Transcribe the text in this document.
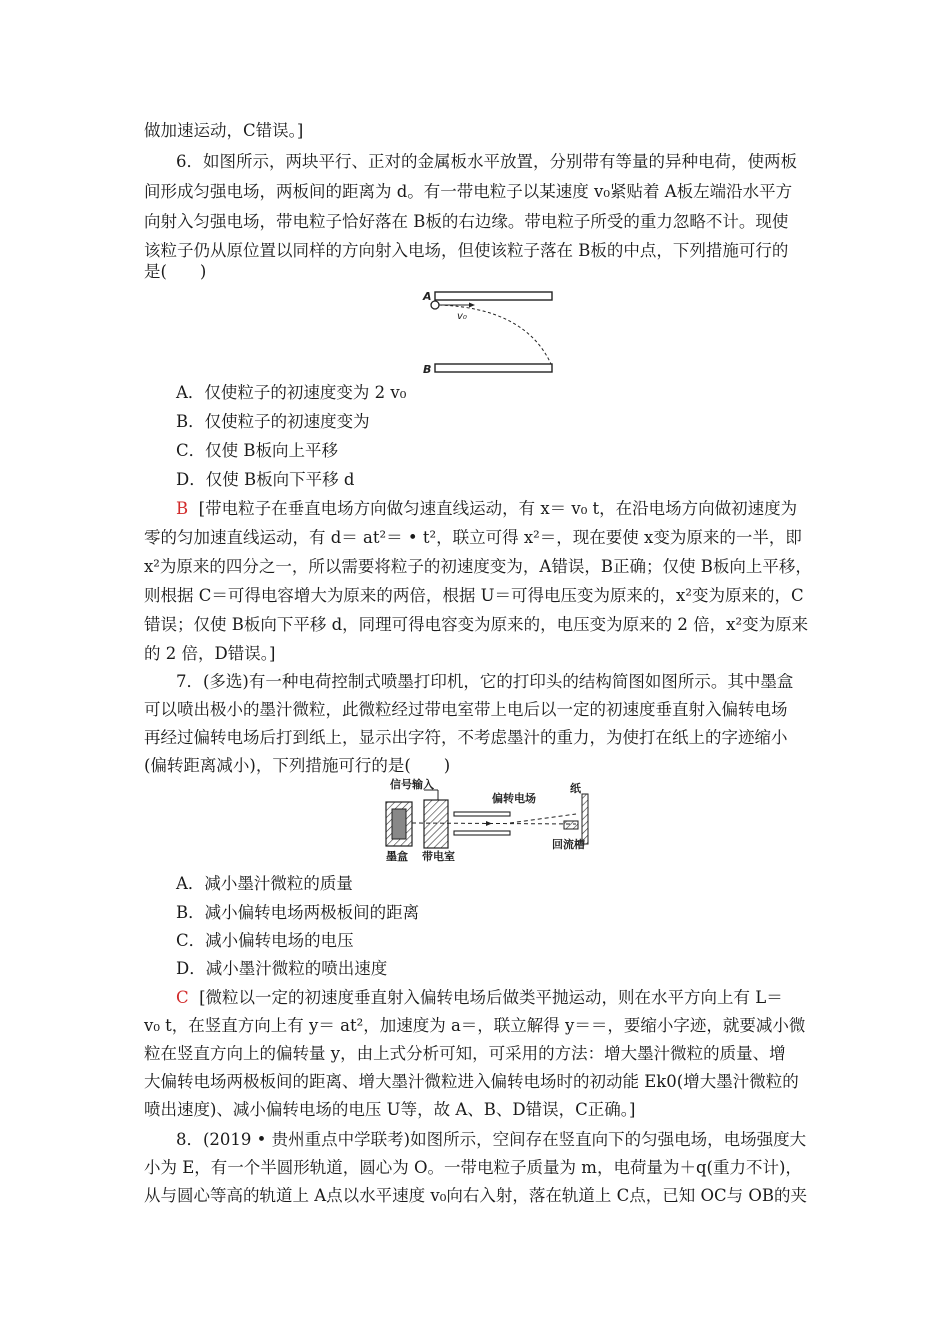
做加速运动，C错误。]
6．如图所示，两块平行、正对的金属板水平放置，分别带有等量的异种电荷，使两板
间形成匀强电场，两板间的距离为 d。有一带电粒子以某速度 v₀紧贴着 A板左端沿水平方
向射入匀强电场，带电粒子恰好落在 B板的右边缘。带电粒子所受的重力忽略不计。现使
该粒子仍从原位置以同样的方向射入电场，但使该粒子落在 B板的中点，下列措施可行的
是(　　)
A
v₀
B
A．仅使粒子的初速度变为 2 v₀
B．仅使粒子的初速度变为
C．仅使 B板向上平移
D．仅使 B板向下平移 d
B [带电粒子在垂直电场方向做匀速直线运动，有 x＝ v₀ t，在沿电场方向做初速度为
零的匀加速直线运动，有 d＝ at²＝ • t²，联立可得 x²＝，现在要使 x变为原来的一半，即
x²为原来的四分之一，所以需要将粒子的初速度变为，A错误，B正确；仅使 B板向上平移，
则根据 C＝可得电容增大为原来的两倍，根据 U＝可得电压变为原来的，x²变为原来的，C
错误；仅使 B板向下平移 d，同理可得电容变为原来的，电压变为原来的 2 倍，x²变为原来
的 2 倍，D错误。]
7．(多选)有一种电荷控制式喷墨打印机，它的打印头的结构简图如图所示。其中墨盒
可以喷出极小的墨汁微粒，此微粒经过带电室带上电后以一定的初速度垂直射入偏转电场
再经过偏转电场后打到纸上，显示出字符，不考虑墨汁的重力，为使打在纸上的字迹缩小
(偏转距离减小)，下列措施可行的是(　　)
信号输入
偏转电场
纸
墨盒 带电室
回流槽
A．减小墨汁微粒的质量
B．减小偏转电场两极板间的距离
C．减小偏转电场的电压
D．减小墨汁微粒的喷出速度
C [微粒以一定的初速度垂直射入偏转电场后做类平抛运动，则在水平方向上有 L＝
v₀ t，在竖直方向上有 y＝ at²，加速度为 a＝，联立解得 y＝＝，要缩小字迹，就要减小微
粒在竖直方向上的偏转量 y，由上式分析可知，可采用的方法：增大墨汁微粒的质量、增
大偏转电场两极板间的距离、增大墨汁微粒进入偏转电场时的初动能 Ek0(增大墨汁微粒的
喷出速度)、减小偏转电场的电压 U等，故 A、B、D错误，C正确。]
8．(2019 • 贵州重点中学联考)如图所示，空间存在竖直向下的匀强电场，电场强度大
小为 E，有一个半圆形轨道，圆心为 O。一带电粒子质量为 m，电荷量为＋q(重力不计)，
从与圆心等高的轨道上 A点以水平速度 v₀向右入射，落在轨道上 C点，已知 OC与 OB的夹
